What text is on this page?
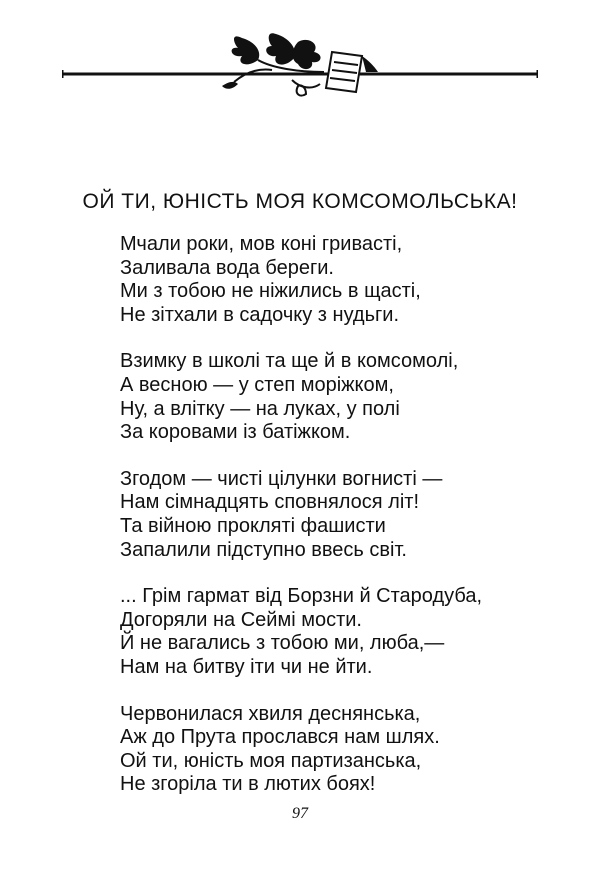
ОЙ ТИ, ЮНІСТЬ МОЯ КОМСОМОЛЬСЬКА!
Мчали роки, мов коні гриваcті,
Заливала вода береги.
Ми з тобою не ніжились в щасті,
Не зітхали в садочку з нудьги.
Взимку в школі та ще й в комсомолі,
А весною — у степ моріжком,
Ну, а влітку — на луках, у полі
За коровами із батіжком.
Згодом — чисті цілунки вогнисті —
Нам сімнадцять сповнялося літ!
Та війною прокляті фашисти
Запалили підступно ввесь світ.
... Грім гармат від Борзни й Стародуба,
Догоряли на Сеймі мости.
Й не вагались з тобою ми, люба,—
Нам на битву іти чи не йти.
Червонилася хвиля деснянська,
Аж до Прута прослався нам шлях.
Ой ти, юність моя партизанська,
Не згоріла ти в лютих боях!
97
